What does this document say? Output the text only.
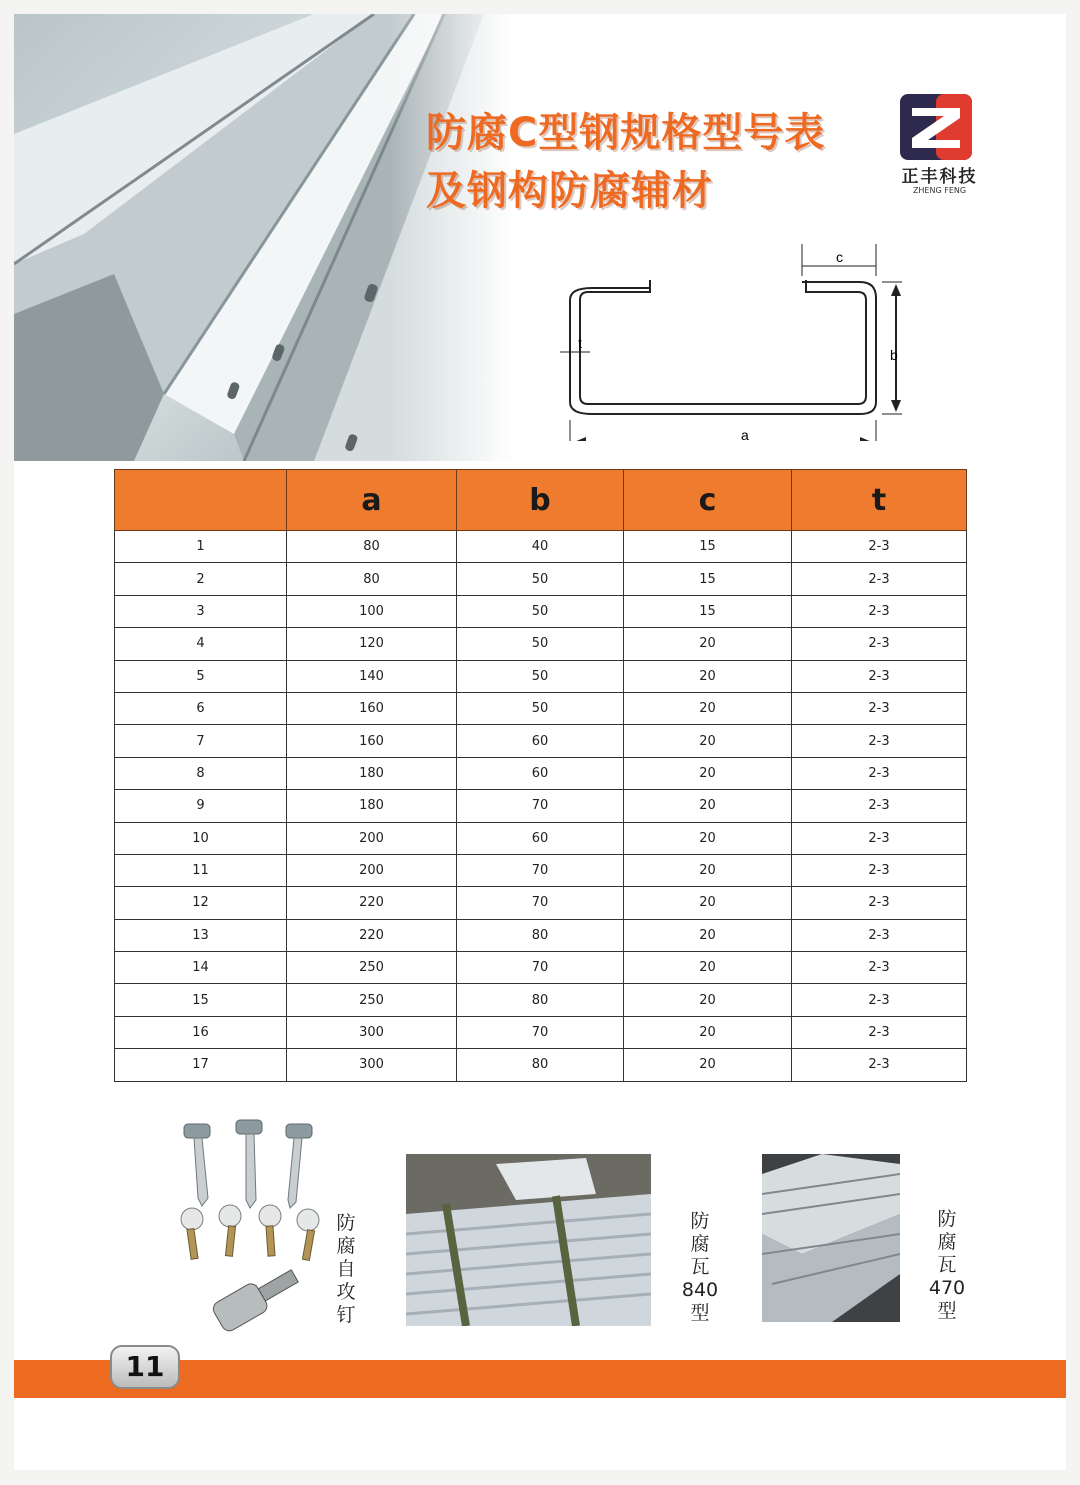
防腐C型钢规格型号表
及钢构防腐辅材	正丰科技
ZHENG FENG
c
b
a
t
	a	b	c	t
1	80	40	15	2-3
2	80	50	15	2-3
3	100	50	15	2-3
4	120	50	20	2-3
5	140	50	20	2-3
6	160	50	20	2-3
7	160	60	20	2-3
8	180	60	20	2-3
9	180	70	20	2-3
10	200	60	20	2-3
11	200	70	20	2-3
12	220	70	20	2-3
13	220	80	20	2-3
14	250	70	20	2-3
15	250	80	20	2-3
16	300	70	20	2-3
17	300	80	20	2-3
防
腐
自
攻
钉
防
腐
瓦
840
型
防
腐
瓦
470
型
11
